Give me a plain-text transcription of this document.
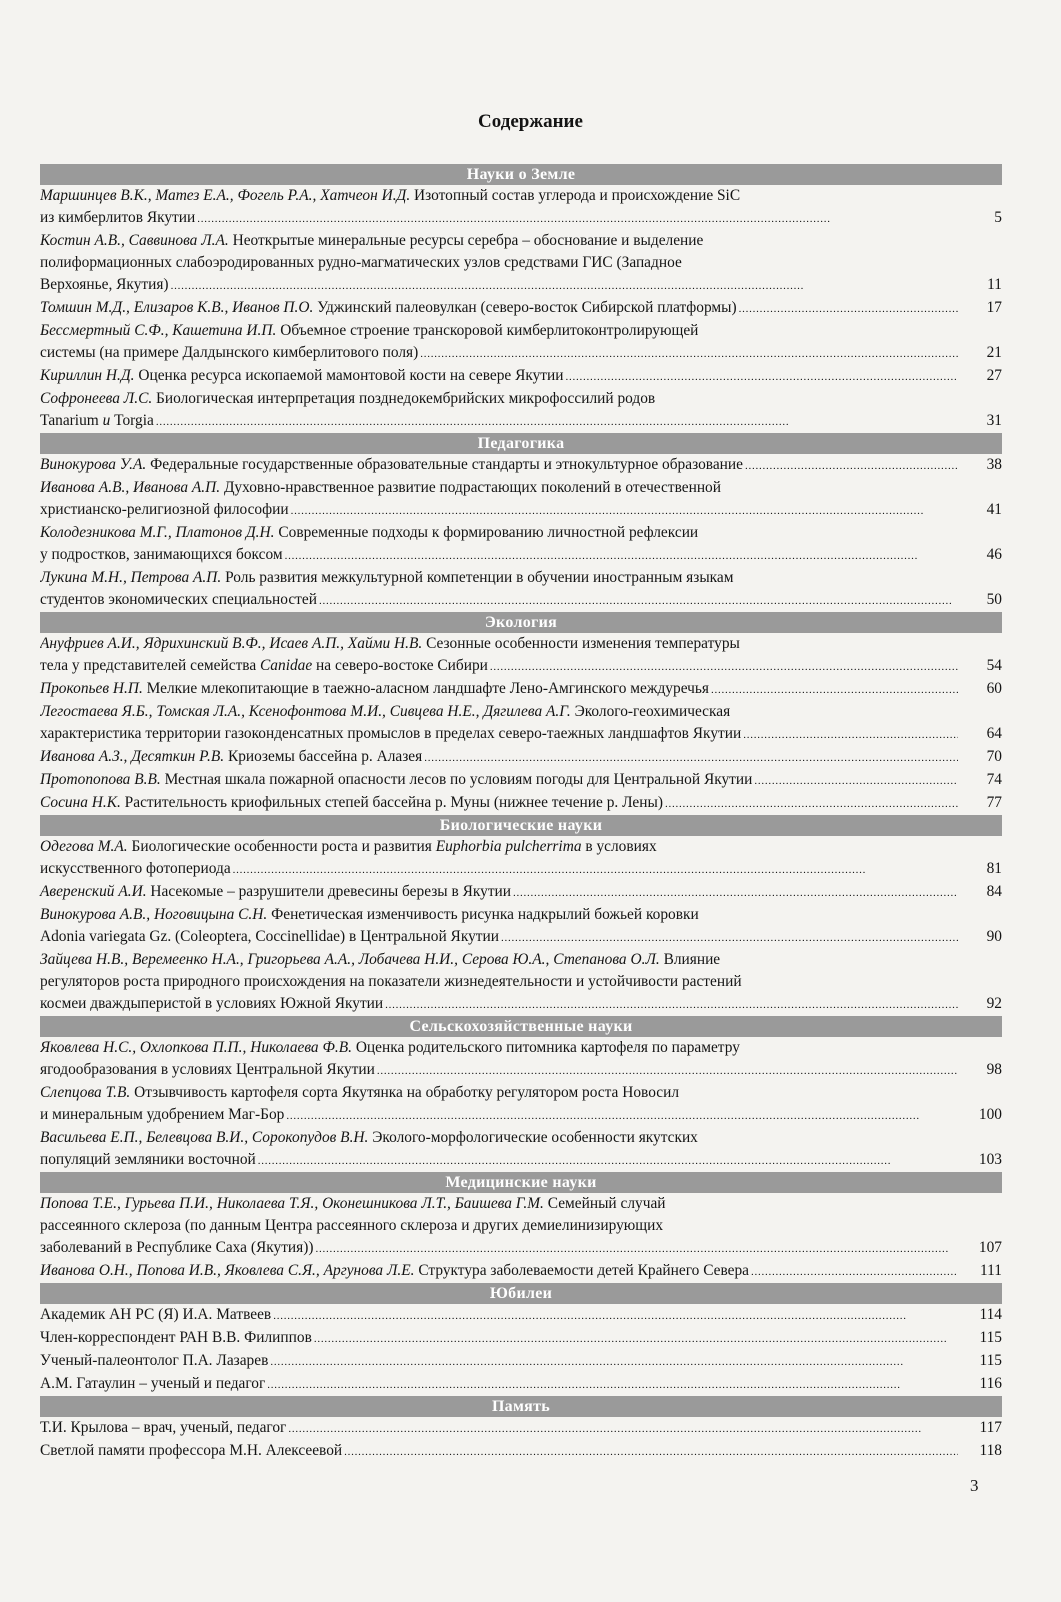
Содержание
Науки о Земле
Маршинцев В.К., Матез Е.А., Фогель Р.А., Хатчеон И.Д. Изотопный состав углерода и происхождение SiC
из кимберлитов Якутии . . .	5
Костин А.В., Саввинова Л.А. Неоткрытые минеральные ресурсы серебра – обоснование и выделение
полиформационных слабоэродированных рудно-магматических узлов средствами ГИС (Западное
Верхоянье, Якутия) . . .	11
Томшин М.Д., Елизаров К.В., Иванов П.О. Уджинский палеовулкан (северо-восток Сибирской платформы) . . .	17
Бессмертный С.Ф., Кашетина И.П. Объемное строение транскоровой кимберлитоконтролирующей
системы (на примере Далдынского кимберлитового поля) . . .	21
Кириллин Н.Д. Оценка ресурса ископаемой мамонтовой кости на севере Якутии . . .	27
Софронеева Л.С. Биологическая интерпретация позднедокембрийских микрофоссилий родов
Tanarium и Torgia . . .	31
Педагогика
Винокурова У.А. Федеральные государственные образовательные стандарты и этнокультурное образование . . .	38
Иванова А.В., Иванова А.П. Духовно-нравственное развитие подрастающих поколений в отечественной
христианско-религиозной философии . . .	41
Колодезникова М.Г., Платонов Д.Н. Современные подходы к формированию личностной рефлексии
у подростков, занимающихся боксом . . .	46
Лукина М.Н., Петрова А.П. Роль развития межкультурной компетенции в обучении иностранным языкам
студентов экономических специальностей . . .	50
Экология
Ануфриев А.И., Ядрихинский В.Ф., Исаев А.П., Хайми Н.В. Сезонные особенности изменения температуры
тела у представителей семейства Canidae на северо-востоке Сибири . . .	54
Прокопьев Н.П. Мелкие млекопитающие в таежно-аласном ландшафте Лено-Амгинского междуречья . . .	60
Легостаева Я.Б., Томская Л.А., Ксенофонтова М.И., Сивцева Н.Е., Дягилева А.Г. Эколого-геохимическая
характеристика территории газоконденсатных промыслов в пределах северо-таежных ландшафтов Якутии . . .	64
Иванова А.З., Десяткин Р.В. Криоземы бассейна р. Алазея . . .	70
Протопопова В.В. Местная шкала пожарной опасности лесов по условиям погоды для Центральной Якутии . . .	74
Сосина Н.К. Растительность криофильных степей бассейна р. Муны (нижнее течение р. Лены) . . .	77
Биологические науки
Одегова М.А. Биологические особенности роста и развития Euphorbia pulcherrima в условиях
искусственного фотопериода . . .	81
Аверенский А.И. Насекомые – разрушители древесины березы в Якутии . . .	84
Винокурова А.В., Ноговицына С.Н. Фенетическая изменчивость рисунка надкрылий божьей коровки
Adonia variegata Gz. (Coleoptera, Coccinellidae) в Центральной Якутии . . .	90
Зайцева Н.В., Веремеенко Н.А., Григорьева А.А., Лобачева Н.И., Серова Ю.А., Степанова О.Л. Влияние
регуляторов роста природного происхождения на показатели жизнедеятельности и устойчивости растений
космеи дваждыперистой в условиях Южной Якутии . . .	92
Сельскохозяйственные науки
Яковлева Н.С., Охлопкова П.П., Николаева Ф.В. Оценка родительского питомника картофеля по параметру
ягодообразования в условиях Центральной Якутии . . .	98
Слепцова Т.В. Отзывчивость картофеля сорта Якутянка на обработку регулятором роста Новосил
и минеральным удобрением Маг-Бор . . .	100
Васильева Е.П., Белевцова В.И., Сорокопудов В.Н. Эколого-морфологические особенности якутских
популяций земляники восточной . . .	103
Медицинские науки
Попова Т.Е., Гурьева П.И., Николаева Т.Я., Оконешникова Л.Т., Баишева Г.М. Семейный случай
рассеянного склероза (по данным Центра рассеянного склероза и других демиелинизирующих
заболеваний в Республике Саха (Якутия)) . . .	107
Иванова О.Н., Попова И.В., Яковлева С.Я., Аргунова Л.Е. Структура заболеваемости детей Крайнего Севера . . .	111
Юбилеи
Академик АН РС (Я) И.А. Матвеев . . .	114
Член-корреспондент РАН В.В. Филиппов . . .	115
Ученый-палеонтолог П.А. Лазарев . . .	115
А.М. Гатаулин – ученый и педагог . . .	116
Память
Т.И. Крылова – врач, ученый, педагог . . .	117
Светлой памяти профессора М.Н. Алексеевой . . .	118
3
